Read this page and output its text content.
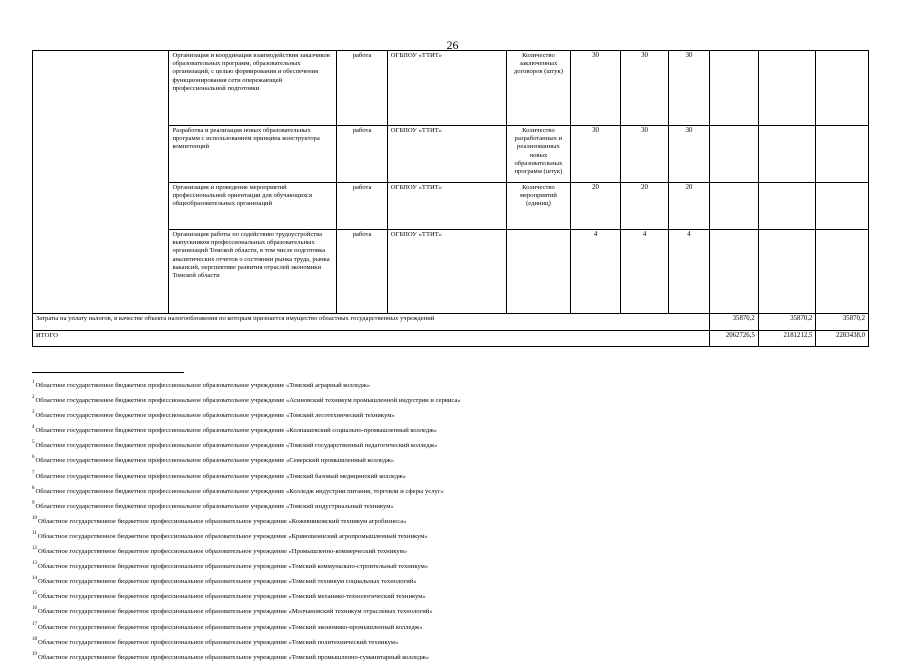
26
	Организация и координация взаимодействия заказчиков образовательных программ, образовательных организаций, с целью формирования и обеспечения функционирования сети опережающей профессиональной подготовки	работа	ОГБПОУ «ТТИТ»	Количество заключенных договоров (штук)	30	30	30			
	Разработка и реализация новых образовательных программ с использованием принципа конструктора компетенций	работа	ОГБПОУ «ТТИТ»	Количество разработанных и реализованных новых образовательных программ (штук)	30	30	30			
	Организация и проведение мероприятий профессиональной ориентации для обучающихся общеобразовательных организаций	работа	ОГБПОУ «ТТИТ»	Количество мероприятий (единиц)	20	20	20			
	Организация работы по содействию трудоустройства выпускников профессиональных образовательных организаций Томской области, в том числе подготовка аналитических отчетов о состоянии рынка труда, рынка вакансий, перспективе развития отраслей экономики Томской области	работа	ОГБПОУ «ТТИТ»		4	4	4			
Затраты на уплату налогов, в качестве объекта налогообложения по которым признается имущество областных государственных учреждений								35870,2	35870,2	35870,2
ИТОГО								2062726,5	2181212,5	2283438,0
$^1$Областное государственное бюджетное профессиональное образовательное учреждение «Томский аграрный колледж»
$^2$Областное государственное бюджетное профессиональное образовательное учреждение «Асиновский техникум промышленной индустрии и сервиса»
$^3$Областное государственное бюджетное профессиональное образовательное учреждение «Томский лесотехнический техникум»
$^4$Областное государственное бюджетное профессиональное образовательное учреждение «Колпашевский социально-промышленный колледж»
$^5$Областное государственное бюджетное профессиональное образовательное учреждение «Томский государственный педагогический колледж»
$^6$Областное государственное бюджетное профессиональное образовательное учреждение «Северский промышленный колледж»
$^7$Областное государственное бюджетное профессиональное образовательное учреждение «Томский базовый медицинский колледж»
$^8$Областное государственное бюджетное профессиональное образовательное учреждение «Колледж индустрии питания, торговли и сферы услуг»
$^9$Областное государственное бюджетное профессиональное образовательное учреждение «Томский индустриальный техникум»
$^{10}$Областное государственное бюджетное профессиональное образовательное учреждение «Кожевниковский техникум агробизнеса»
$^{11}$Областное государственное бюджетное профессиональное образовательное учреждение «Кривошеинский агропромышленный техникум»
$^{12}$Областное государственное бюджетное профессиональное образовательное учреждение «Промышленно-коммерческий техникум»
$^{13}$Областное государственное бюджетное профессиональное образовательное учреждение «Томский коммунально-строительный техникум»
$^{14}$Областное государственное бюджетное профессиональное образовательное учреждение «Томский техникум социальных технологий»
$^{15}$Областное государственное бюджетное профессиональное образовательное учреждение «Томский механико-технологический техникум»
$^{16}$Областное государственное бюджетное профессиональное образовательное учреждение «Молчановский техникум отраслевых технологий»
$^{17}$Областное государственное бюджетное профессиональное образовательное учреждение «Томский экономико-промышленный колледж»
$^{18}$Областное государственное бюджетное профессиональное образовательное учреждение «Томский политехнический техникум»
$^{19}$Областное государственное бюджетное профессиональное образовательное учреждение «Томский промышленно-гуманитарный колледж»
